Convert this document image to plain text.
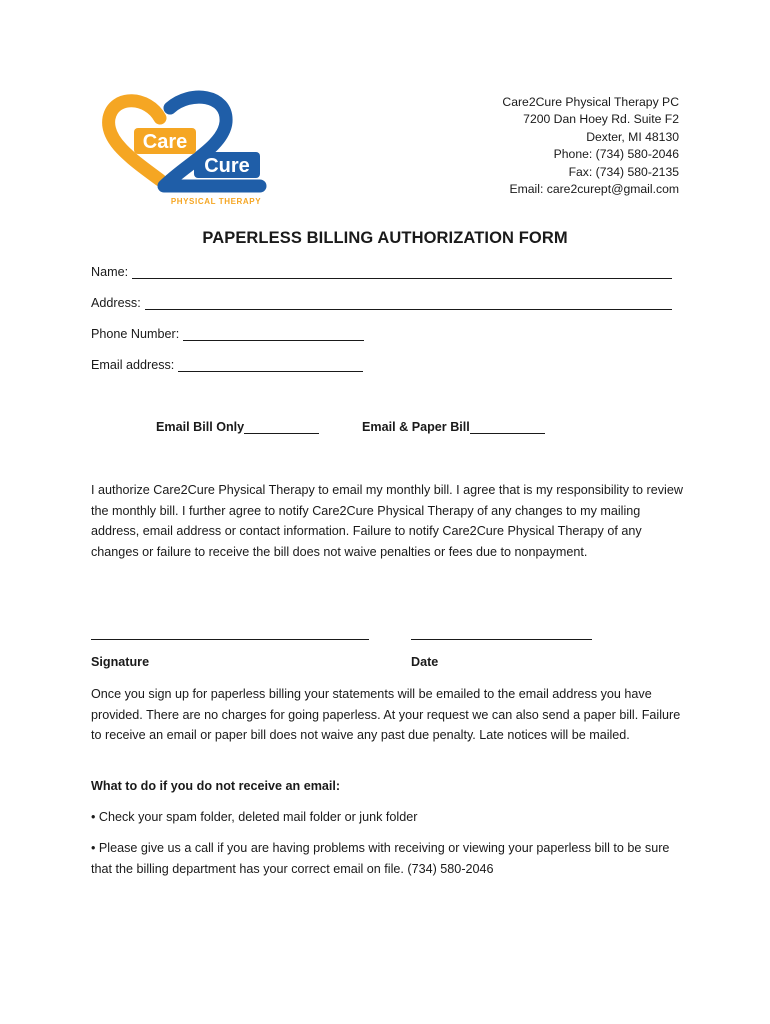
Care
Cure
PHYSICAL THERAPY
Care2Cure Physical Therapy PC
7200 Dan Hoey Rd. Suite F2
Dexter, MI 48130
Phone: (734) 580-2046
Fax: (734) 580-2135
Email: care2curept@gmail.com
PAPERLESS BILLING AUTHORIZATION FORM
Name:
Address:
Phone Number:
Email address:
Email Bill Only	Email & Paper Bill
I authorize Care2Cure Physical Therapy to email my monthly bill. I agree that is my responsibility to review the monthly bill. I further agree to notify Care2Cure Physical Therapy of any changes to my mailing address, email address or contact information. Failure to notify Care2Cure Physical Therapy of any changes or failure to receive the bill does not waive penalties or fees due to nonpayment.
Signature	Date
Once you sign up for paperless billing your statements will be emailed to the email address you have provided. There are no charges for going paperless. At your request we can also send a paper bill. Failure to receive an email or paper bill does not waive any past due penalty. Late notices will be mailed.
What to do if you do not receive an email:
• Check your spam folder, deleted mail folder or junk folder
• Please give us a call if you are having problems with receiving or viewing your paperless bill to be sure that the billing department has your correct email on file. (734) 580-2046
